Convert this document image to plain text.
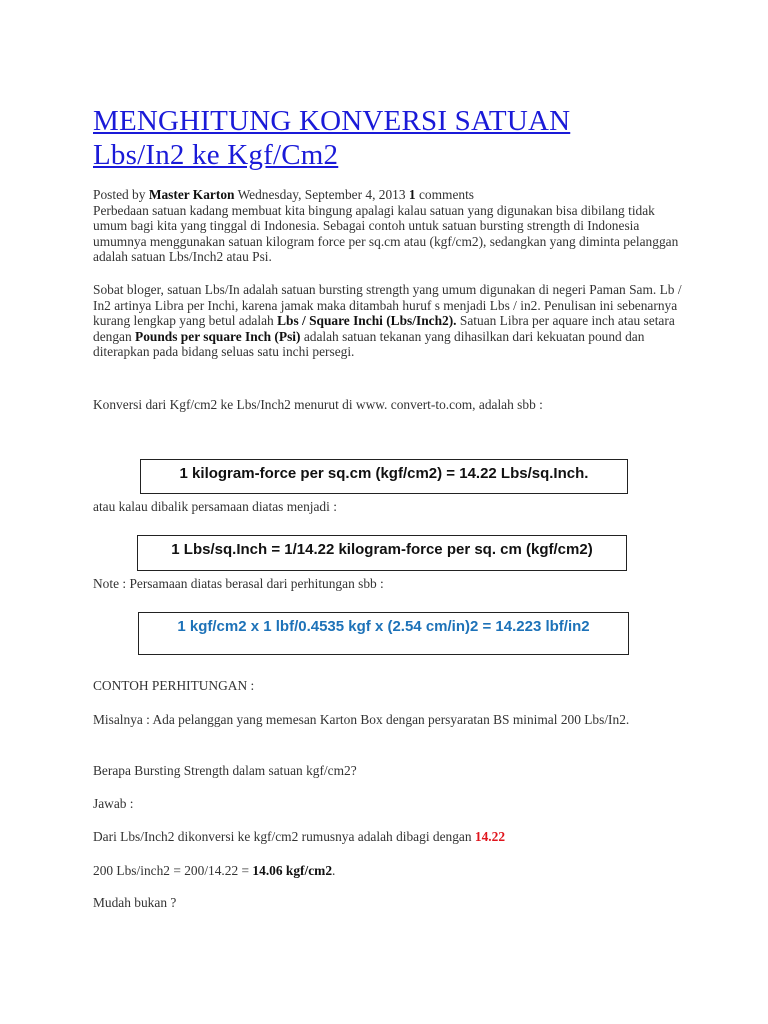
MENGHITUNG KONVERSI SATUAN
Lbs/In2 ke Kgf/Cm2

Posted by Master Karton Wednesday, September 4, 2013 1 comments

Perbedaan satuan kadang membuat kita bingung apalagi kalau satuan yang digunakan bisa dibilang tidak umum bagi kita yang tinggal di Indonesia. Sebagai contoh untuk satuan bursting strength di Indonesia umumnya menggunakan satuan kilogram force per sq.cm atau (kgf/cm2), sedangkan yang diminta pelanggan adalah satuan Lbs/Inch2 atau Psi.

Sobat bloger, satuan Lbs/In adalah satuan bursting strength yang umum digunakan di negeri Paman Sam. Lb / In2 artinya Libra per Inchi, karena jamak maka ditambah huruf s menjadi Lbs / in2. Penulisan ini sebenarnya kurang lengkap yang betul adalah Lbs / Square Inchi (Lbs/Inch2). Satuan Libra per aquare inch atau setara dengan Pounds per square Inch (Psi) adalah satuan tekanan yang dihasilkan dari kekuatan pound dan diterapkan pada bidang seluas satu inchi persegi.

Konversi dari Kgf/cm2 ke Lbs/Inch2 menurut di www. convert-to.com, adalah sbb :

1 kilogram-force per sq.cm (kgf/cm2) = 14.22 Lbs/sq.Inch.

atau kalau dibalik persamaan diatas menjadi :

1 Lbs/sq.Inch = 1/14.22 kilogram-force per sq. cm (kgf/cm2)

Note : Persamaan diatas berasal dari perhitungan sbb :

1 kgf/cm2 x 1 lbf/0.4535 kgf x (2.54 cm/in)2 = 14.223 lbf/in2

CONTOH PERHITUNGAN :

Misalnya : Ada pelanggan yang memesan Karton Box dengan persyaratan BS minimal 200 Lbs/In2.

Berapa Bursting Strength dalam satuan kgf/cm2?

Jawab :

Dari Lbs/Inch2 dikonversi ke kgf/cm2 rumusnya adalah dibagi dengan 14.22

200 Lbs/inch2 = 200/14.22 = 14.06 kgf/cm2.

Mudah bukan ?
